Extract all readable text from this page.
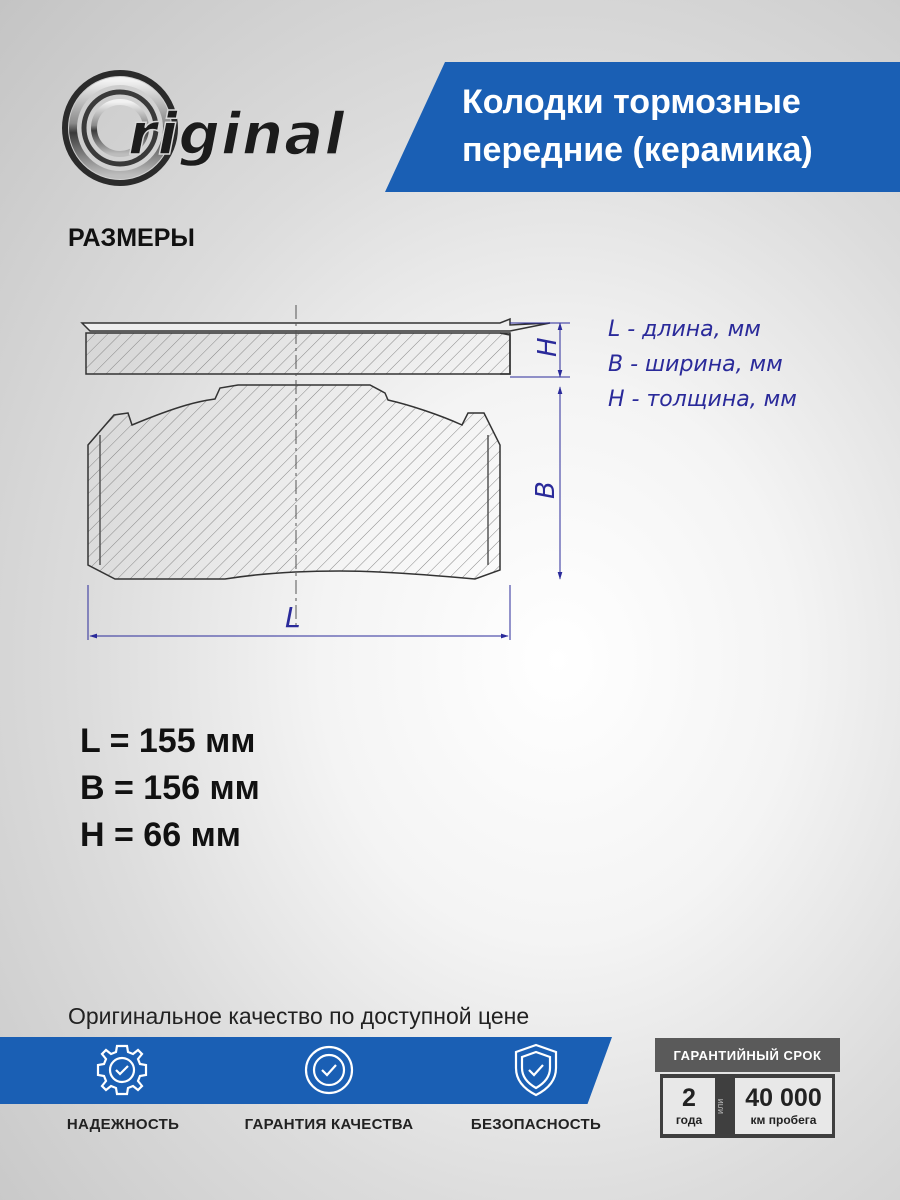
riginal	Колодки тормозные
передние (керамика)
РАЗМЕРЫ
H
B
L
L - длина, мм
B - ширина, мм
H - толщина, мм
L = 155 мм
B = 156 мм
H = 66 мм
Оригинальное качество по доступной цене
НАДЕЖНОСТЬ	ГАРАНТИЯ КАЧЕСТВА	БЕЗОПАСНОСТЬ
ГАРАНТИЙНЫЙ СРОК
2
года
или 40 000
км пробега
